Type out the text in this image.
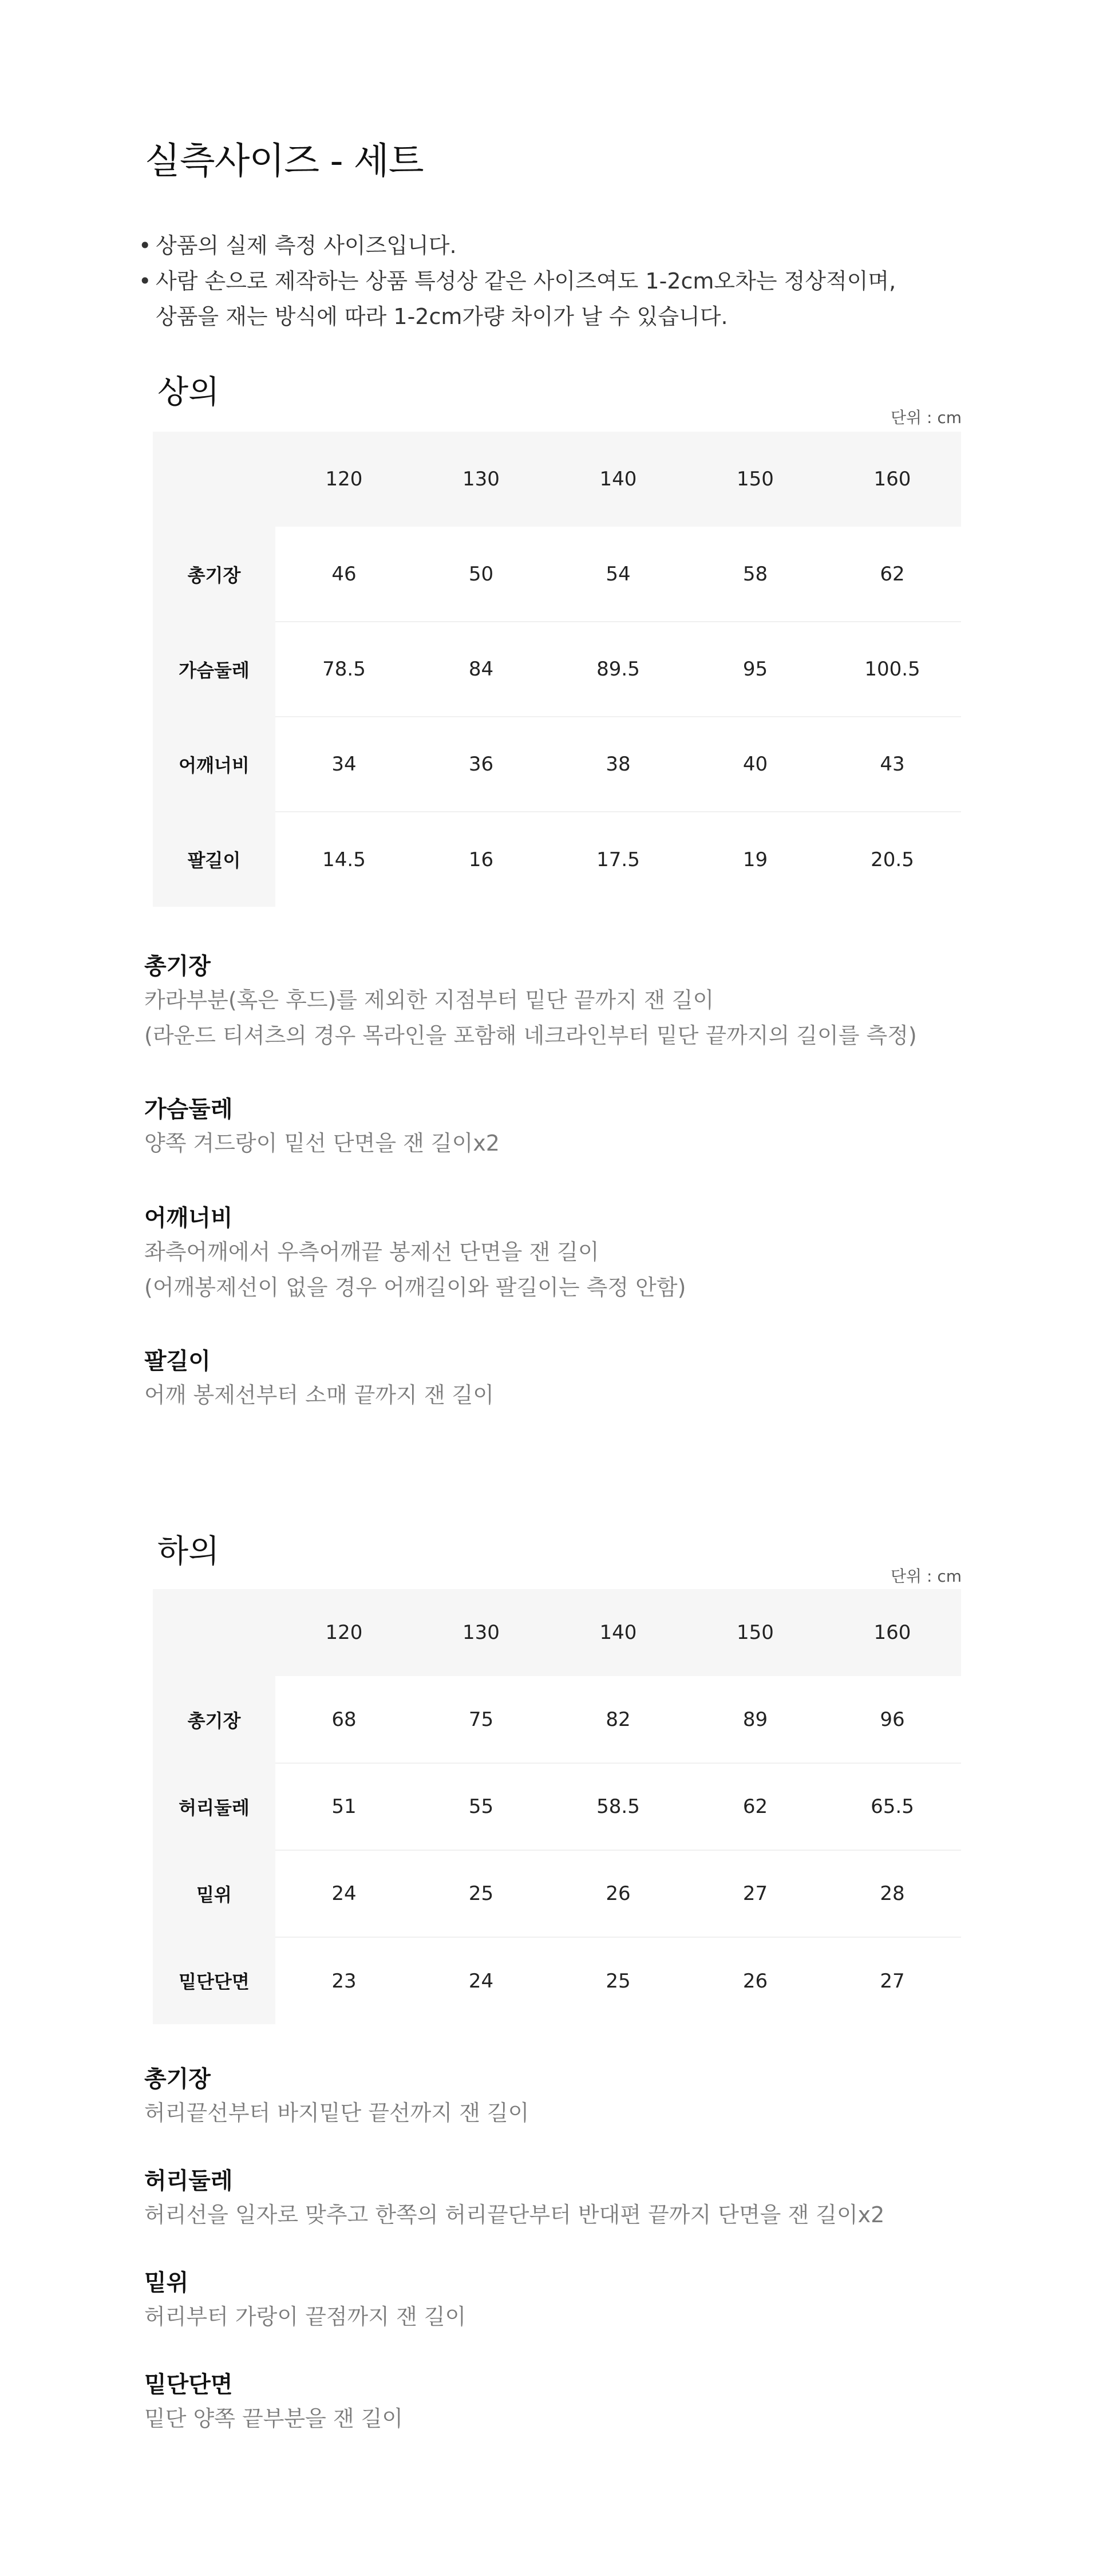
실측사이즈 - 세트
• 상품의 실제 측정 사이즈입니다.
• 사람 손으로 제작하는 상품 특성상 같은 사이즈여도 1-2cm오차는 정상적이며,
상품을 재는 방식에 따라 1-2cm가량 차이가 날 수 있습니다.
상의
단위 : cm
	120	130	140	150	160
총기장	46	50	54	58	62
가슴둘레	78.5	84	89.5	95	100.5
어깨너비	34	36	38	40	43
팔길이	14.5	16	17.5	19	20.5
총기장
카라부분(혹은 후드)를 제외한 지점부터 밑단 끝까지 잰 길이
(라운드 티셔츠의 경우 목라인을 포함해 네크라인부터 밑단 끝까지의 길이를 측정)
가슴둘레
양쪽 겨드랑이 밑선 단면을 잰 길이x2
어깨너비
좌측어깨에서 우측어깨끝 봉제선 단면을 잰 길이
(어깨봉제선이 없을 경우 어깨길이와 팔길이는 측정 안함)
팔길이
어깨 봉제선부터 소매 끝까지 잰 길이
하의
단위 : cm
	120	130	140	150	160
총기장	68	75	82	89	96
허리둘레	51	55	58.5	62	65.5
밑위	24	25	26	27	28
밑단단면	23	24	25	26	27
총기장
허리끝선부터 바지밑단 끝선까지 잰 길이
허리둘레
허리선을 일자로 맞추고 한쪽의 허리끝단부터 반대편 끝까지 단면을 잰 길이x2
밑위
허리부터 가랑이 끝점까지 잰 길이
밑단단면
밑단 양쪽 끝부분을 잰 길이
